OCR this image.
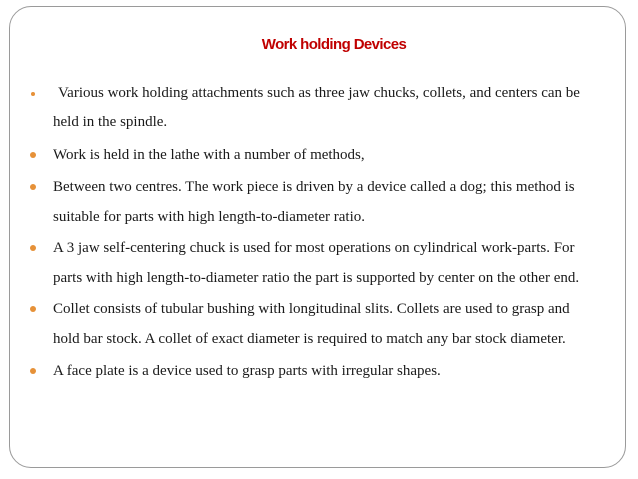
Work holding Devices
Various work holding attachments such as three jaw chucks, collets, and centers can be
held in the spindle.
Work is held in the lathe with a number of methods,
Between two centres. The work piece is driven by a device called a dog; this method is
suitable for parts with high length-to-diameter ratio.
A 3 jaw self-centering chuck is used for most operations on cylindrical work-parts. For
parts with high length-to-diameter ratio the part is supported by center on the other end.
Collet consists of tubular bushing with longitudinal slits. Collets are used to grasp and
hold bar stock. A collet of exact diameter is required to match any bar stock diameter.
A face plate is a device used to grasp parts with irregular shapes.
